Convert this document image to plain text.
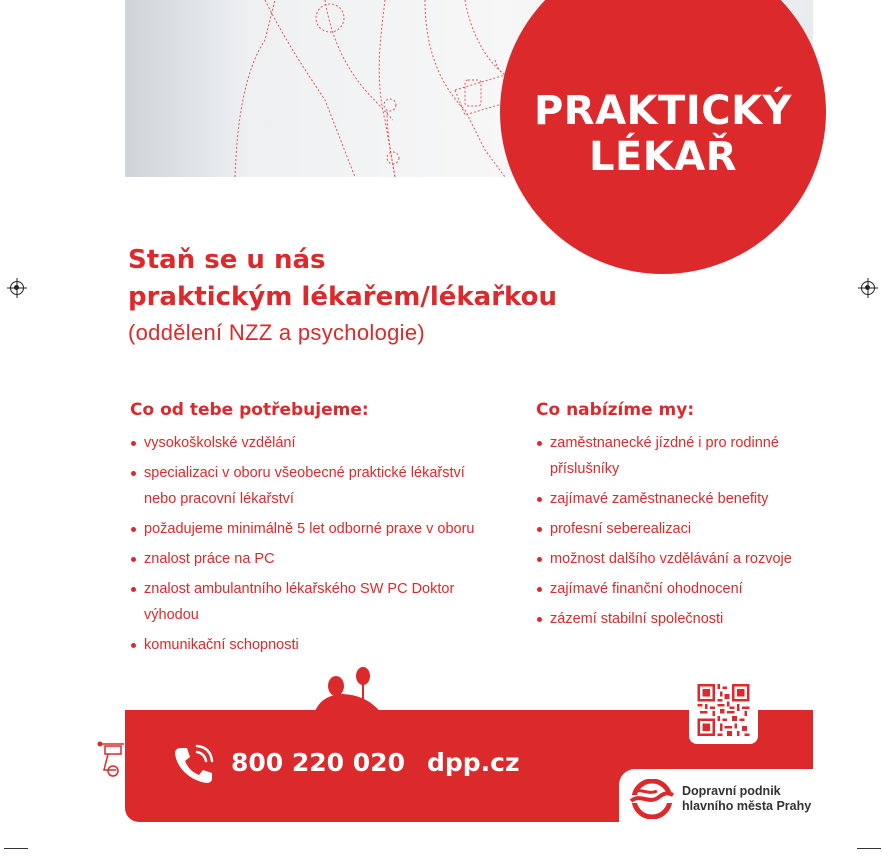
PRAKTICKÝ
LÉKAŘ
Staň se u nás
praktickým lékařem/lékařkou

(oddělení NZZ a psychologie)

Co od tebe potřebujeme:
vysokoškolské vzdělání
specializaci v oboru všeobecné praktické lékařství nebo pracovní lékařství
požadujeme minimálně 5 let odborné praxe v oboru
znalost práce na PC
znalost ambulantního lékařského SW PC Doktor výhodou
komunikační schopnosti
Co nabízíme my:
zaměstnanecké jízdné i pro rodinné příslušníky
zajímavé zaměstnanecké benefity
profesní seberealizaci
možnost dalšího vzdělávání a rozvoje
zajímavé finanční ohodnocení
zázemí stabilní společnosti
800 220 020 dpp.cz

Dopravní podnik
hlavního města Prahy
